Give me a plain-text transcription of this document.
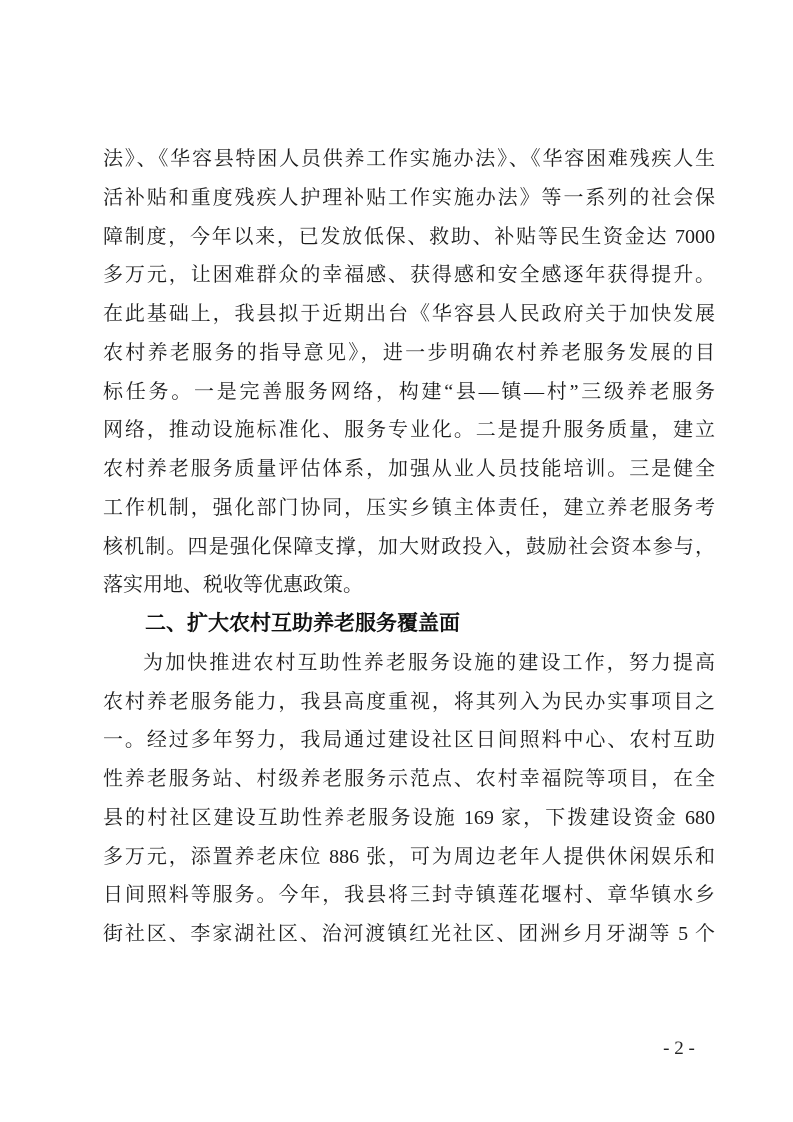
法》、《华容县特困人员供养工作实施办法》、《华容困难残疾人生
活补贴和重度残疾人护理补贴工作实施办法》等一系列的社会保
障制度，今年以来，已发放低保、救助、补贴等民生资金达 7000
多万元，让困难群众的幸福感、获得感和安全感逐年获得提升。
在此基础上，我县拟于近期出台《华容县人民政府关于加快发展
农村养老服务的指导意见》，进一步明确农村养老服务发展的目
标任务。一是完善服务网络，构建“县—镇—村”三级养老服务
网络，推动设施标准化、服务专业化。二是提升服务质量，建立
农村养老服务质量评估体系，加强从业人员技能培训。三是健全
工作机制，强化部门协同，压实乡镇主体责任，建立养老服务考
核机制。四是强化保障支撑，加大财政投入，鼓励社会资本参与，
落实用地、税收等优惠政策。
二、扩大农村互助养老服务覆盖面
为加快推进农村互助性养老服务设施的建设工作，努力提高
农村养老服务能力，我县高度重视，将其列入为民办实事项目之
一。经过多年努力，我局通过建设社区日间照料中心、农村互助
性养老服务站、村级养老服务示范点、农村幸福院等项目，在全
县的村社区建设互助性养老服务设施 169 家，下拨建设资金 680
多万元，添置养老床位 886 张，可为周边老年人提供休闲娱乐和
日间照料等服务。今年，我县将三封寺镇莲花堰村、章华镇水乡
街社区、李家湖社区、治河渡镇红光社区、团洲乡月牙湖等 5 个
- 2 -
